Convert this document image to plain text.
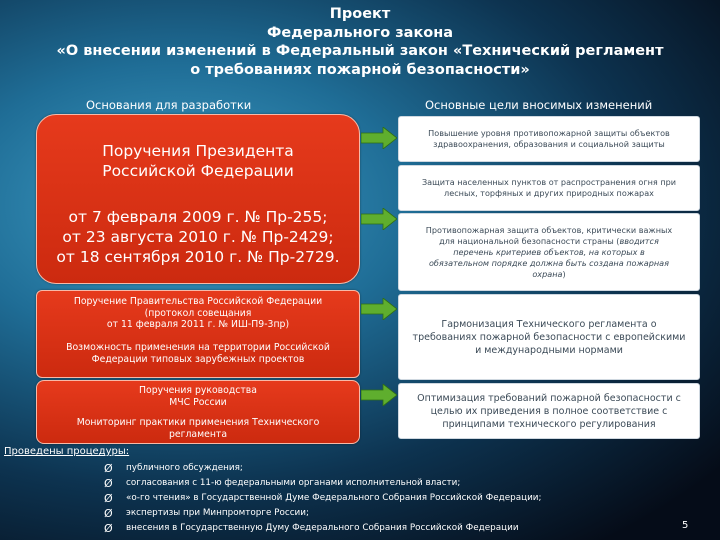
Проект
Федерального закона
«О внесении изменений в Федеральный закон «Технический регламент
о требованиях пожарной безопасности»
Основания для разработки	Основные цели вносимых изменений
Поручения Президента
Российской Федерации
от 7 февраля 2009 г. № Пр-255;
от 23 августа 2010 г. № Пр-2429;
от 18 сентября 2010 г. № Пр-2729.
Поручение Правительства Российской Федерации
(протокол совещания
от 11 февраля 2011 г. № ИШ-П9-3пр)
Возможность применения на территории Российской
Федерации типовых зарубежных проектов
Поручения руководства
МЧС России
Мониторинг практики применения Технического
регламента
Повышение уровня противопожарной защиты объектов
здравоохранения, образования и социальной защиты
Защита населенных пунктов от распространения огня при
лесных, торфяных и других природных пожарах
Противопожарная защита объектов, критически важных
для национальной безопасности страны (вводится
перечень критериев объектов, на которых в
обязательном порядке должна быть создана пожарная
охрана)
Гармонизация Технического регламента о
требованиях пожарной безопасности с европейскими
и международными нормами
Оптимизация требований пожарной безопасности с
целью их приведения в полное соответствие с
принципами технического регулирования
Проведены процедуры:
Ø публичного обсуждения;
Ø согласования с 11-ю федеральными органами исполнительной власти;
Ø «о-го чтения» в Государственной Думе Федерального Собрания Российской Федерации;
Ø экспертизы при Минпромторге России;
Ø внесения в Государственную Думу Федерального Собрания Российской Федерации	5
